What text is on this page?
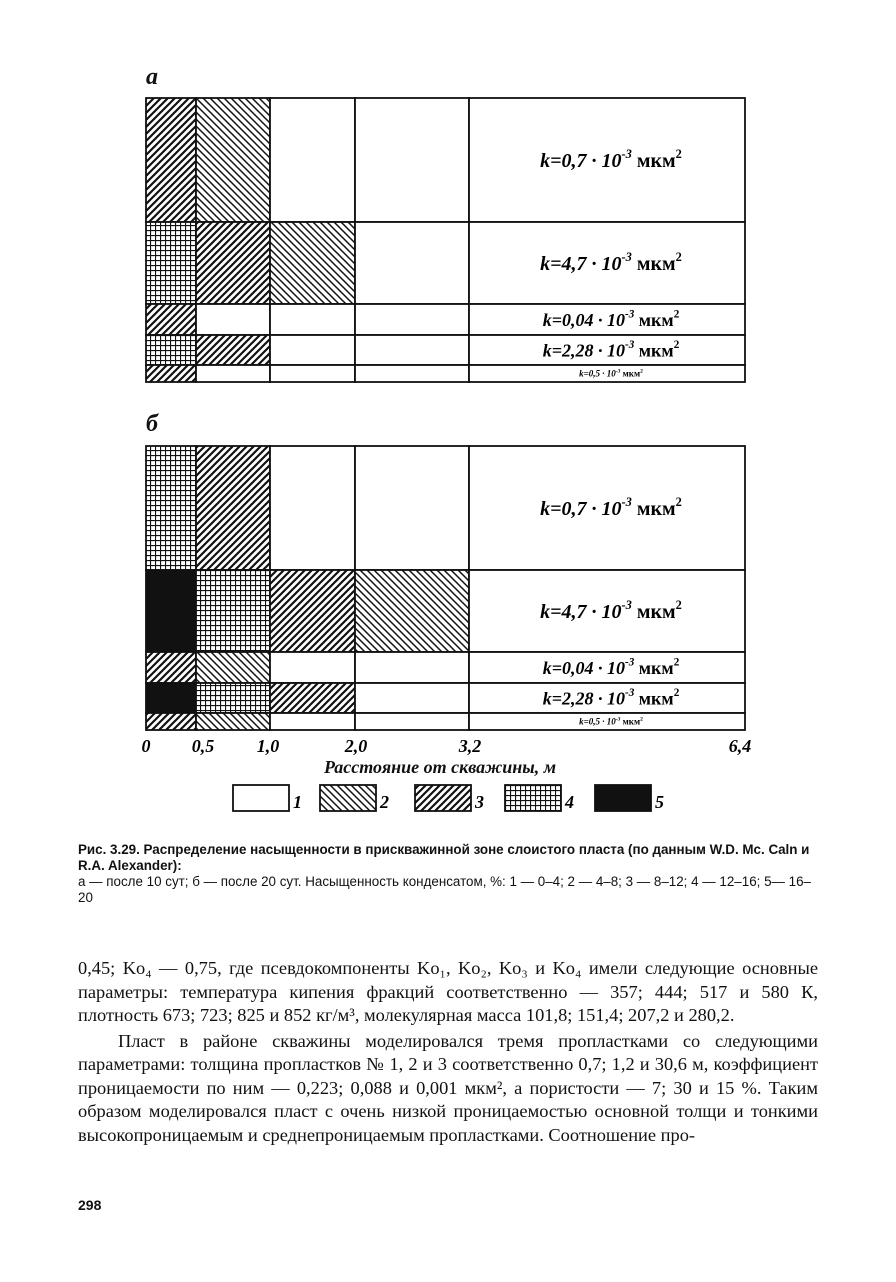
а
б
$k=0,7 \cdot 10^{-3}$ мкм$^2$
$k=4,7 \cdot 10^{-3}$ мкм$^2$
$k=0,04 \cdot 10^{-3}$ мкм$^2$
$k=2,28 \cdot 10^{-3}$ мкм$^2$
$k=0,5 \cdot 10^{-3}$ мкм$^2$
$k=0,7 \cdot 10^{-3}$ мкм$^2$
$k=4,7 \cdot 10^{-3}$ мкм$^2$
$k=0,04 \cdot 10^{-3}$ мкм$^2$
$k=2,28 \cdot 10^{-3}$ мкм$^2$
$k=0,5 \cdot 10^{-3}$ мкм$^2$
0 0,5 1,0	2,0	3,2	6,4
1	2	3	4	5
Расстояние от скважины, м
Рис. 3.29. Распределение насыщенности в прискважинной зоне слоистого пласта (по данным W.D. Mc. Caln и R.A. Alexander):
а — после 10 сут; б — после 20 сут. Насыщенность конденсатом, %: 1 — 0–4; 2 — 4–8; 3 — 8–12; 4 — 12–16; 5— 16–20

0,45; Ko₄ — 0,75, где псевдокомпоненты Ko₁, Ko₂, Ko₃ и Ko₄ имели следующие основные параметры: температура кипения фракций соответственно — 357; 444; 517 и 580 К, плотность 673; 723; 825 и 852 кг/м³, молекулярная масса 101,8; 151,4; 207,2 и 280,2.

Пласт в районе скважины моделировался тремя пропластками со следующими параметрами: толщина пропластков № 1, 2 и 3 соответственно 0,7; 1,2 и 30,6 м, коэффициент проницаемости по ним — 0,223; 0,088 и 0,001 мкм², а пористости — 7; 30 и 15 %. Таким образом моделировался пласт с очень низкой проницаемостью основной толщи и тонкими высокопроницаемым и среднепроницаемым пропластками. Соотношение про-

298
